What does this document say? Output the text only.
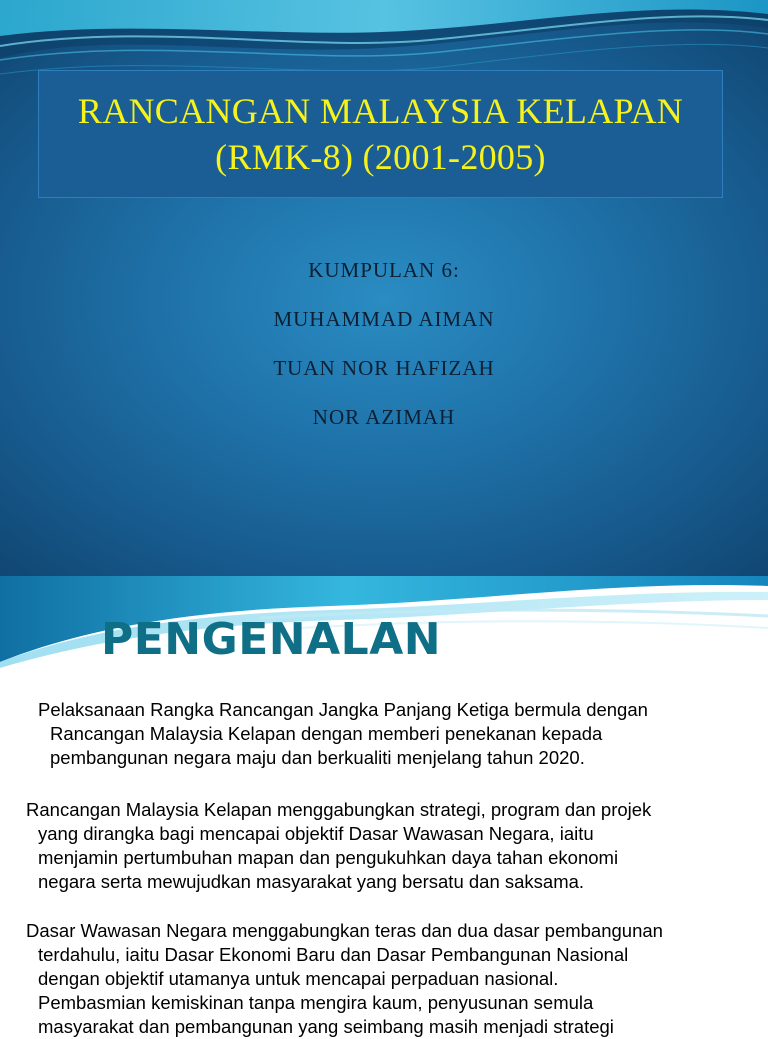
RANCANGAN MALAYSIA KELAPAN
(RMK-8) (2001-2005)
KUMPULAN 6:
MUHAMMAD AIMAN
TUAN NOR HAFIZAH
NOR AZIMAH
PENGENALAN
Pelaksanaan Rangka Rancangan Jangka Panjang Ketiga bermula dengan
Rancangan Malaysia Kelapan dengan memberi penekanan kepada
pembangunan negara maju dan berkualiti menjelang tahun 2020.
Rancangan Malaysia Kelapan menggabungkan strategi, program dan projek
yang dirangka bagi mencapai objektif Dasar Wawasan Negara, iaitu
menjamin pertumbuhan mapan dan pengukuhkan daya tahan ekonomi
negara serta mewujudkan masyarakat yang bersatu dan saksama.
Dasar Wawasan Negara menggabungkan teras dan dua dasar pembangunan
terdahulu, iaitu Dasar Ekonomi Baru dan Dasar Pembangunan Nasional
dengan objektif utamanya untuk mencapai perpaduan nasional.
Pembasmian kemiskinan tanpa mengira kaum, penyusunan semula
masyarakat dan pembangunan yang seimbang masih menjadi strategi
